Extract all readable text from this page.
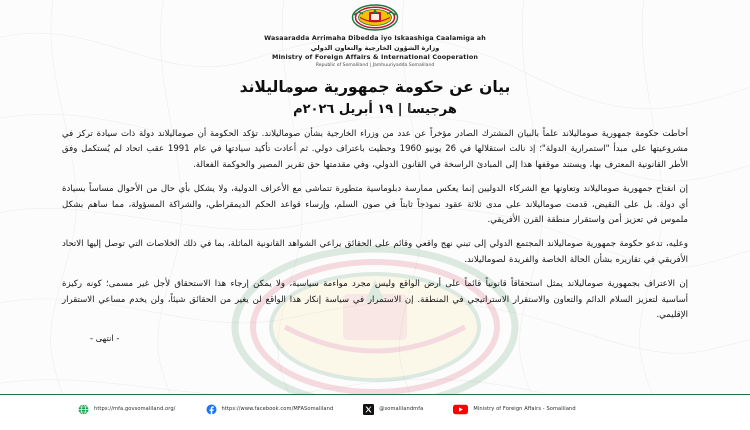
Wasaaradda Arrimaha Dibedda iyo Iskaashiga Caalamiga ah
وزارة الشؤون الخارجية والتعاون الدولي
Ministry of Foreign Affairs & International Cooperation
Republic of Somaliland | Jamhuuriyadda Somaliland
بيان عن حكومة جمهورية صوماليلاند
هرجيسا | ١٩ أبريل ٢٠٢٦م

أحاطت حكومة جمهورية صوماليلاند علماً بالبيان المشترك الصادر مؤخراً عن عدد من وزراء الخارجية بشأن صوماليلاند. تؤكد الحكومة أن صوماليلاند دولة ذات سيادة تركز في مشروعيتها على مبدأ "استمرارية الدولة"؛ إذ نالت استقلالها في 26 يونيو 1960 وحظيت باعتراف دولي. ثم أعادت تأكيد سيادتها في عام 1991 عقب اتحاد لم يُستكمل وفق الأطر القانونية المعترف بها، ويستند موقفها هذا إلى المبادئ الراسخة في القانون الدولي، وفي مقدمتها حق تقرير المصير والحوكمة الفعالة.

إن انفتاح جمهورية صوماليلاند وتعاونها مع الشركاء الدوليين إنما يعكس ممارسة دبلوماسية متطورة تتماشى مع الأعراف الدولية، ولا يشكل بأي حال من الأحوال مساساً بسيادة أي دولة. بل على النقيض، قدمت صوماليلاند على مدى ثلاثة عقود نموذجاً ثابتاً في صون السلم، وإرساء قواعد الحكم الديمقراطي، والشراكة المسؤولة، مما ساهم بشكل ملموس في تعزيز أمن واستقرار منطقة القرن الأفريقي.

وعليه، تدعو حكومة جمهورية صوماليلاند المجتمع الدولي إلى تبني نهج واقعي وقائم على الحقائق يراعي الشواهد القانونية الماثلة، بما في ذلك الخلاصات التي توصل إليها الاتحاد الأفريقي في تقاريره بشأن الحالة الخاصة والفريدة لصوماليلاند.

إن الاعتراف بجمهورية صوماليلاند يمثل استحقاقاً قانونياً قائماً على أرض الواقع وليس مجرد مواءمة سياسية، ولا يمكن إرجاء هذا الاستحقاق لأجل غير مسمى؛ كونه ركيزة أساسية لتعزيز السلام الدائم والتعاون والاستقرار الاستراتيجي في المنطقة. إن الاستمرار في سياسة إنكار هذا الواقع لن يغير من الحقائق شيئاً، ولن يخدم مساعي الاستقرار الإقليمي.

- انتهى -
https://mfa.govsomaliland.org/	https://www.facebook.com/MFASomaliland	@somalilandmfa	Ministry of Foreign Affairs - Somaliland
